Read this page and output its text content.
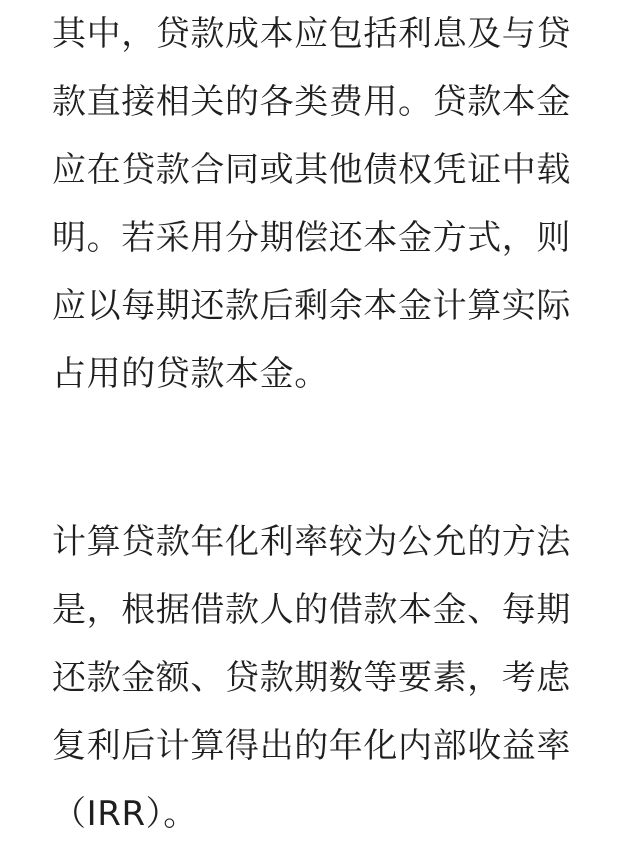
其中，贷款成本应包括利息及与贷
款直接相关的各类费用。贷款本金
应在贷款合同或其他债权凭证中载
明。若采用分期偿还本金方式，则
应以每期还款后剩余本金计算实际
占用的贷款本金。
计算贷款年化利率较为公允的方法
是，根据借款人的借款本金、每期
还款金额、贷款期数等要素，考虑
复利后计算得出的年化内部收益率
（IRR）。
